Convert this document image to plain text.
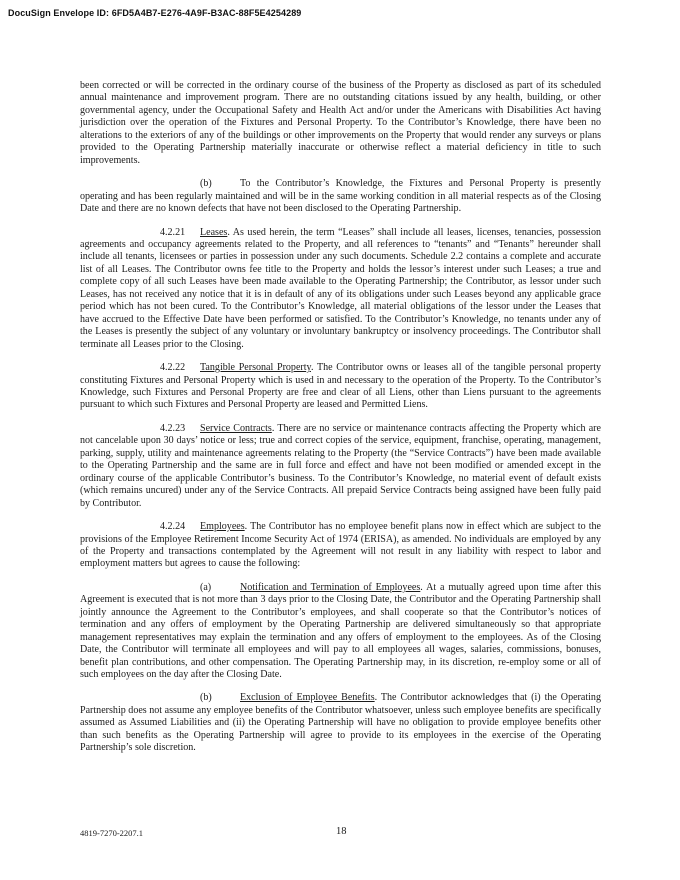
DocuSign Envelope ID: 6FD5A4B7-E276-4A9F-B3AC-88F5E4254289

been corrected or will be corrected in the ordinary course of the business of the Property as disclosed as part of its scheduled annual maintenance and improvement program. There are no outstanding citations issued by any health, building, or other governmental agency, under the Occupational Safety and Health Act and/or under the Americans with Disabilities Act having jurisdiction over the operation of the Fixtures and Personal Property. To the Contributor’s Knowledge, there have been no alterations to the exteriors of any of the buildings or other improvements on the Property that would render any surveys or plans provided to the Operating Partnership materially inaccurate or otherwise reflect a material deficiency in title to such improvements.

(b)	To the Contributor’s Knowledge, the Fixtures and Personal Property is presently operating and has been regularly maintained and will be in the same working condition in all material respects as of the Closing Date and there are no known defects that have not been disclosed to the Operating Partnership.

4.2.21 Leases. As used herein, the term “Leases” shall include all leases, licenses, tenancies, possession agreements and occupancy agreements related to the Property, and all references to “tenants” and “Tenants” hereunder shall include all tenants, licensees or parties in possession under any such documents. Schedule 2.2 contains a complete and accurate list of all Leases. The Contributor owns fee title to the Property and holds the lessor’s interest under such Leases; a true and complete copy of all such Leases have been made available to the Operating Partnership; the Contributor, as lessor under such Leases, has not received any notice that it is in default of any of its obligations under such Leases beyond any applicable grace period which has not been cured. To the Contributor’s Knowledge, all material obligations of the lessor under the Leases that have accrued to the Effective Date have been performed or satisfied. To the Contributor’s Knowledge, no tenants under any of the Leases is presently the subject of any voluntary or involuntary bankruptcy or insolvency proceedings. The Contributor shall terminate all Leases prior to the Closing.

4.2.22 Tangible Personal Property. The Contributor owns or leases all of the tangible personal property constituting Fixtures and Personal Property which is used in and necessary to the operation of the Property. To the Contributor’s Knowledge, such Fixtures and Personal Property are free and clear of all Liens, other than Liens pursuant to the agreements pursuant to which such Fixtures and Personal Property are leased and Permitted Liens.

4.2.23 Service Contracts. There are no service or maintenance contracts affecting the Property which are not cancelable upon 30 days’ notice or less; true and correct copies of the service, equipment, franchise, operating, management, parking, supply, utility and maintenance agreements relating to the Property (the “Service Contracts”) have been made available to the Operating Partnership and the same are in full force and effect and have not been modified or amended except in the ordinary course of the applicable Contributor’s business. To the Contributor’s Knowledge, no material event of default exists (which remains uncured) under any of the Service Contracts. All prepaid Service Contracts being assigned have been fully paid by Contributor.

4.2.24 Employees. The Contributor has no employee benefit plans now in effect which are subject to the provisions of the Employee Retirement Income Security Act of 1974 (ERISA), as amended. No individuals are employed by any of the Property and transactions contemplated by the Agreement will not result in any liability with respect to labor and employment matters but agrees to cause the following:

(a)	Notification and Termination of Employees. At a mutually agreed upon time after this Agreement is executed that is not more than 3 days prior to the Closing Date, the Contributor and the Operating Partnership shall jointly announce the Agreement to the Contributor’s employees, and shall cooperate so that the Contributor’s notices of termination and any offers of employment by the Operating Partnership are delivered simultaneously so that appropriate management representatives may explain the termination and any offers of employment to the employees. As of the Closing Date, the Contributor will terminate all employees and will pay to all employees all wages, salaries, commissions, bonuses, benefit plan contributions, and other compensation. The Operating Partnership may, in its discretion, re-employ some or all of such employees on the day after the Closing Date.

(b)	Exclusion of Employee Benefits. The Contributor acknowledges that (i) the Operating Partnership does not assume any employee benefits of the Contributor whatsoever, unless such employee benefits are specifically assumed as Assumed Liabilities and (ii) the Operating Partnership will have no obligation to provide employee benefits other than such benefits as the Operating Partnership will agree to provide to its employees in the exercise of the Operating Partnership’s sole discretion.

4819-7270-2207.1	18
